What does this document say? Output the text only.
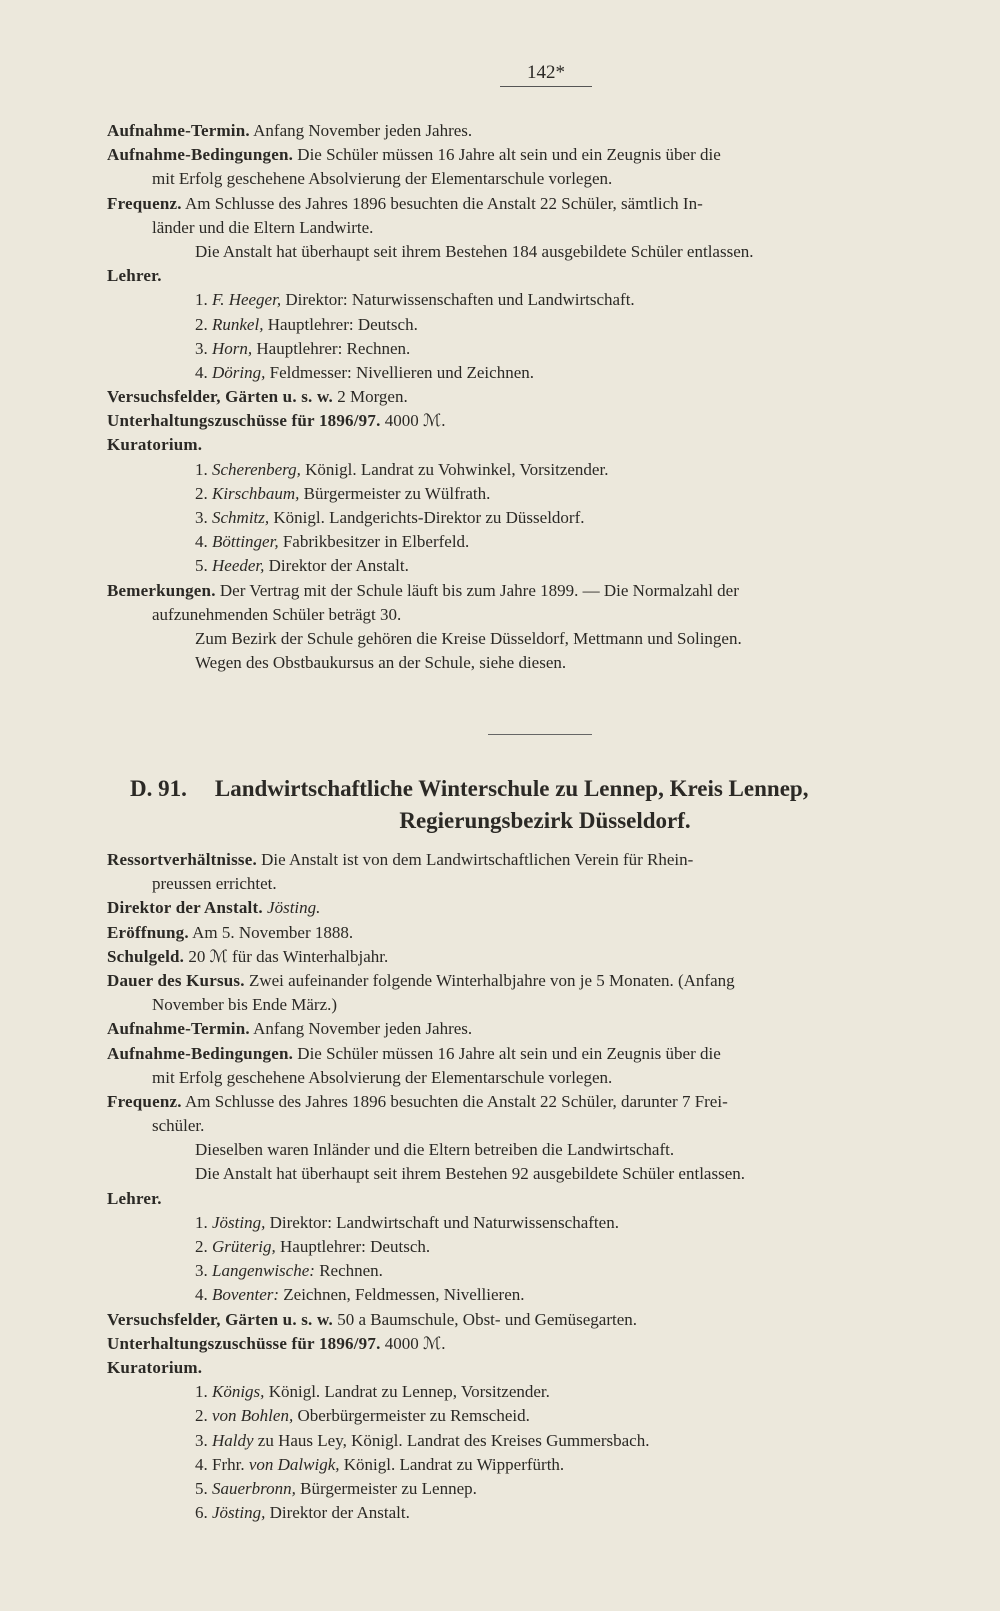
142*
Aufnahme-Termin. Anfang November jeden Jahres.
Aufnahme-Bedingungen. Die Schüler müssen 16 Jahre alt sein und ein Zeugnis über die
mit Erfolg geschehene Absolvierung der Elementarschule vorlegen.
Frequenz. Am Schlusse des Jahres 1896 besuchten die Anstalt 22 Schüler, sämtlich In-
länder und die Eltern Landwirte.
Die Anstalt hat überhaupt seit ihrem Bestehen 184 ausgebildete Schüler entlassen.
Lehrer.
1. F. Heeger, Direktor: Naturwissenschaften und Landwirtschaft.
2. Runkel, Hauptlehrer: Deutsch.
3. Horn, Hauptlehrer: Rechnen.
4. Döring, Feldmesser: Nivellieren und Zeichnen.
Versuchsfelder, Gärten u. s. w. 2 Morgen.
Unterhaltungszuschüsse für 1896/97. 4000 ℳ.
Kuratorium.
1. Scherenberg, Königl. Landrat zu Vohwinkel, Vorsitzender.
2. Kirschbaum, Bürgermeister zu Wülfrath.
3. Schmitz, Königl. Landgerichts-Direktor zu Düsseldorf.
4. Böttinger, Fabrikbesitzer in Elberfeld.
5. Heeder, Direktor der Anstalt.
Bemerkungen. Der Vertrag mit der Schule läuft bis zum Jahre 1899. — Die Normalzahl der
aufzunehmenden Schüler beträgt 30.
Zum Bezirk der Schule gehören die Kreise Düsseldorf, Mettmann und Solingen.
Wegen des Obstbaukursus an der Schule, siehe diesen.
D. 91. Landwirtschaftliche Winterschule zu Lennep, Kreis Lennep,
Regierungsbezirk Düsseldorf.
Ressortverhältnisse. Die Anstalt ist von dem Landwirtschaftlichen Verein für Rhein-
preussen errichtet.
Direktor der Anstalt. Jösting.
Eröffnung. Am 5. November 1888.
Schulgeld. 20 ℳ für das Winterhalbjahr.
Dauer des Kursus. Zwei aufeinander folgende Winterhalbjahre von je 5 Monaten. (Anfang
November bis Ende März.)
Aufnahme-Termin. Anfang November jeden Jahres.
Aufnahme-Bedingungen. Die Schüler müssen 16 Jahre alt sein und ein Zeugnis über die
mit Erfolg geschehene Absolvierung der Elementarschule vorlegen.
Frequenz. Am Schlusse des Jahres 1896 besuchten die Anstalt 22 Schüler, darunter 7 Frei-
schüler.
Dieselben waren Inländer und die Eltern betreiben die Landwirtschaft.
Die Anstalt hat überhaupt seit ihrem Bestehen 92 ausgebildete Schüler entlassen.
Lehrer.
1. Jösting, Direktor: Landwirtschaft und Naturwissenschaften.
2. Grüterig, Hauptlehrer: Deutsch.
3. Langenwische: Rechnen.
4. Boventer: Zeichnen, Feldmessen, Nivellieren.
Versuchsfelder, Gärten u. s. w. 50 a Baumschule, Obst- und Gemüsegarten.
Unterhaltungszuschüsse für 1896/97. 4000 ℳ.
Kuratorium.
1. Königs, Königl. Landrat zu Lennep, Vorsitzender.
2. von Bohlen, Oberbürgermeister zu Remscheid.
3. Haldy zu Haus Ley, Königl. Landrat des Kreises Gummersbach.
4. Frhr. von Dalwigk, Königl. Landrat zu Wipperfürth.
5. Sauerbronn, Bürgermeister zu Lennep.
6. Jösting, Direktor der Anstalt.
